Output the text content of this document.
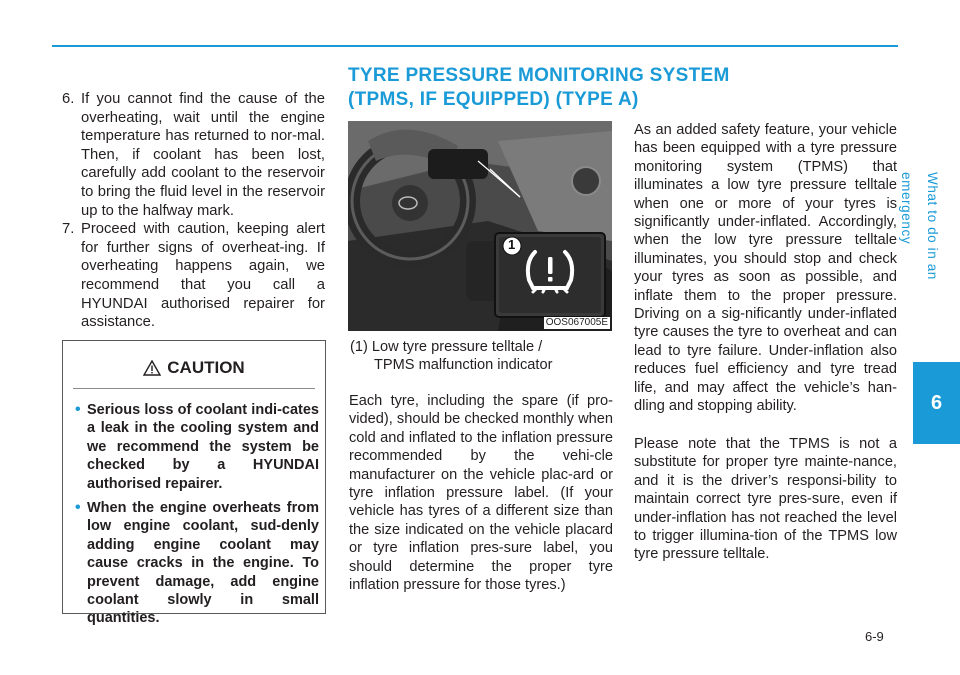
What to do in an emergency
6
6. If you cannot find the cause of the overheating, wait until the engine temperature has returned to nor-mal. Then, if coolant has been lost, carefully add coolant to the reservoir to bring the fluid level in the reservoir up to the halfway mark.
7. Proceed with caution, keeping alert for further signs of overheat-ing. If overheating happens again, we recommend that you call a HYUNDAI authorised repairer for assistance.
CAUTION
• Serious loss of coolant indi-cates a leak in the cooling system and we recommend the system be checked by a HYUNDAI authorised repairer.
• When the engine overheats from low engine coolant, sud-denly adding engine coolant may cause cracks in the engine. To prevent damage, add engine coolant slowly in small quantities.
TYRE PRESSURE MONITORING SYSTEM
(TPMS, IF EQUIPPED) (TYPE A)
1
OOS067005E
(1) Low tyre pressure telltale /
TPMS malfunction indicator
Each tyre, including the spare (if pro-vided), should be checked monthly when cold and inflated to the inflation pressure recommended by the vehi-cle manufacturer on the vehicle plac-ard or tyre inflation pressure label. (If your vehicle has tyres of a different size than the size indicated on the vehicle placard or tyre inflation pres-sure label, you should determine the proper tyre inflation pressure for those tyres.)
As an added safety feature, your vehicle has been equipped with a tyre pressure monitoring system (TPMS) that illuminates a low tyre pressure telltale when one or more of your tyres is significantly under-inflated. Accordingly, when the low tyre pressure telltale illuminates, you should stop and check your tyres as soon as possible, and inflate them to the proper pressure. Driving on a sig-nificantly under-inflated tyre causes the tyre to overheat and can lead to tyre failure. Under-inflation also reduces fuel efficiency and tyre tread life, and may affect the vehicle’s han-dling and stopping ability.
Please note that the TPMS is not a substitute for proper tyre mainte-nance, and it is the driver’s responsi-bility to maintain correct tyre pres-sure, even if under-inflation has not reached the level to trigger illumina-tion of the TPMS low tyre pressure telltale.
6-9
